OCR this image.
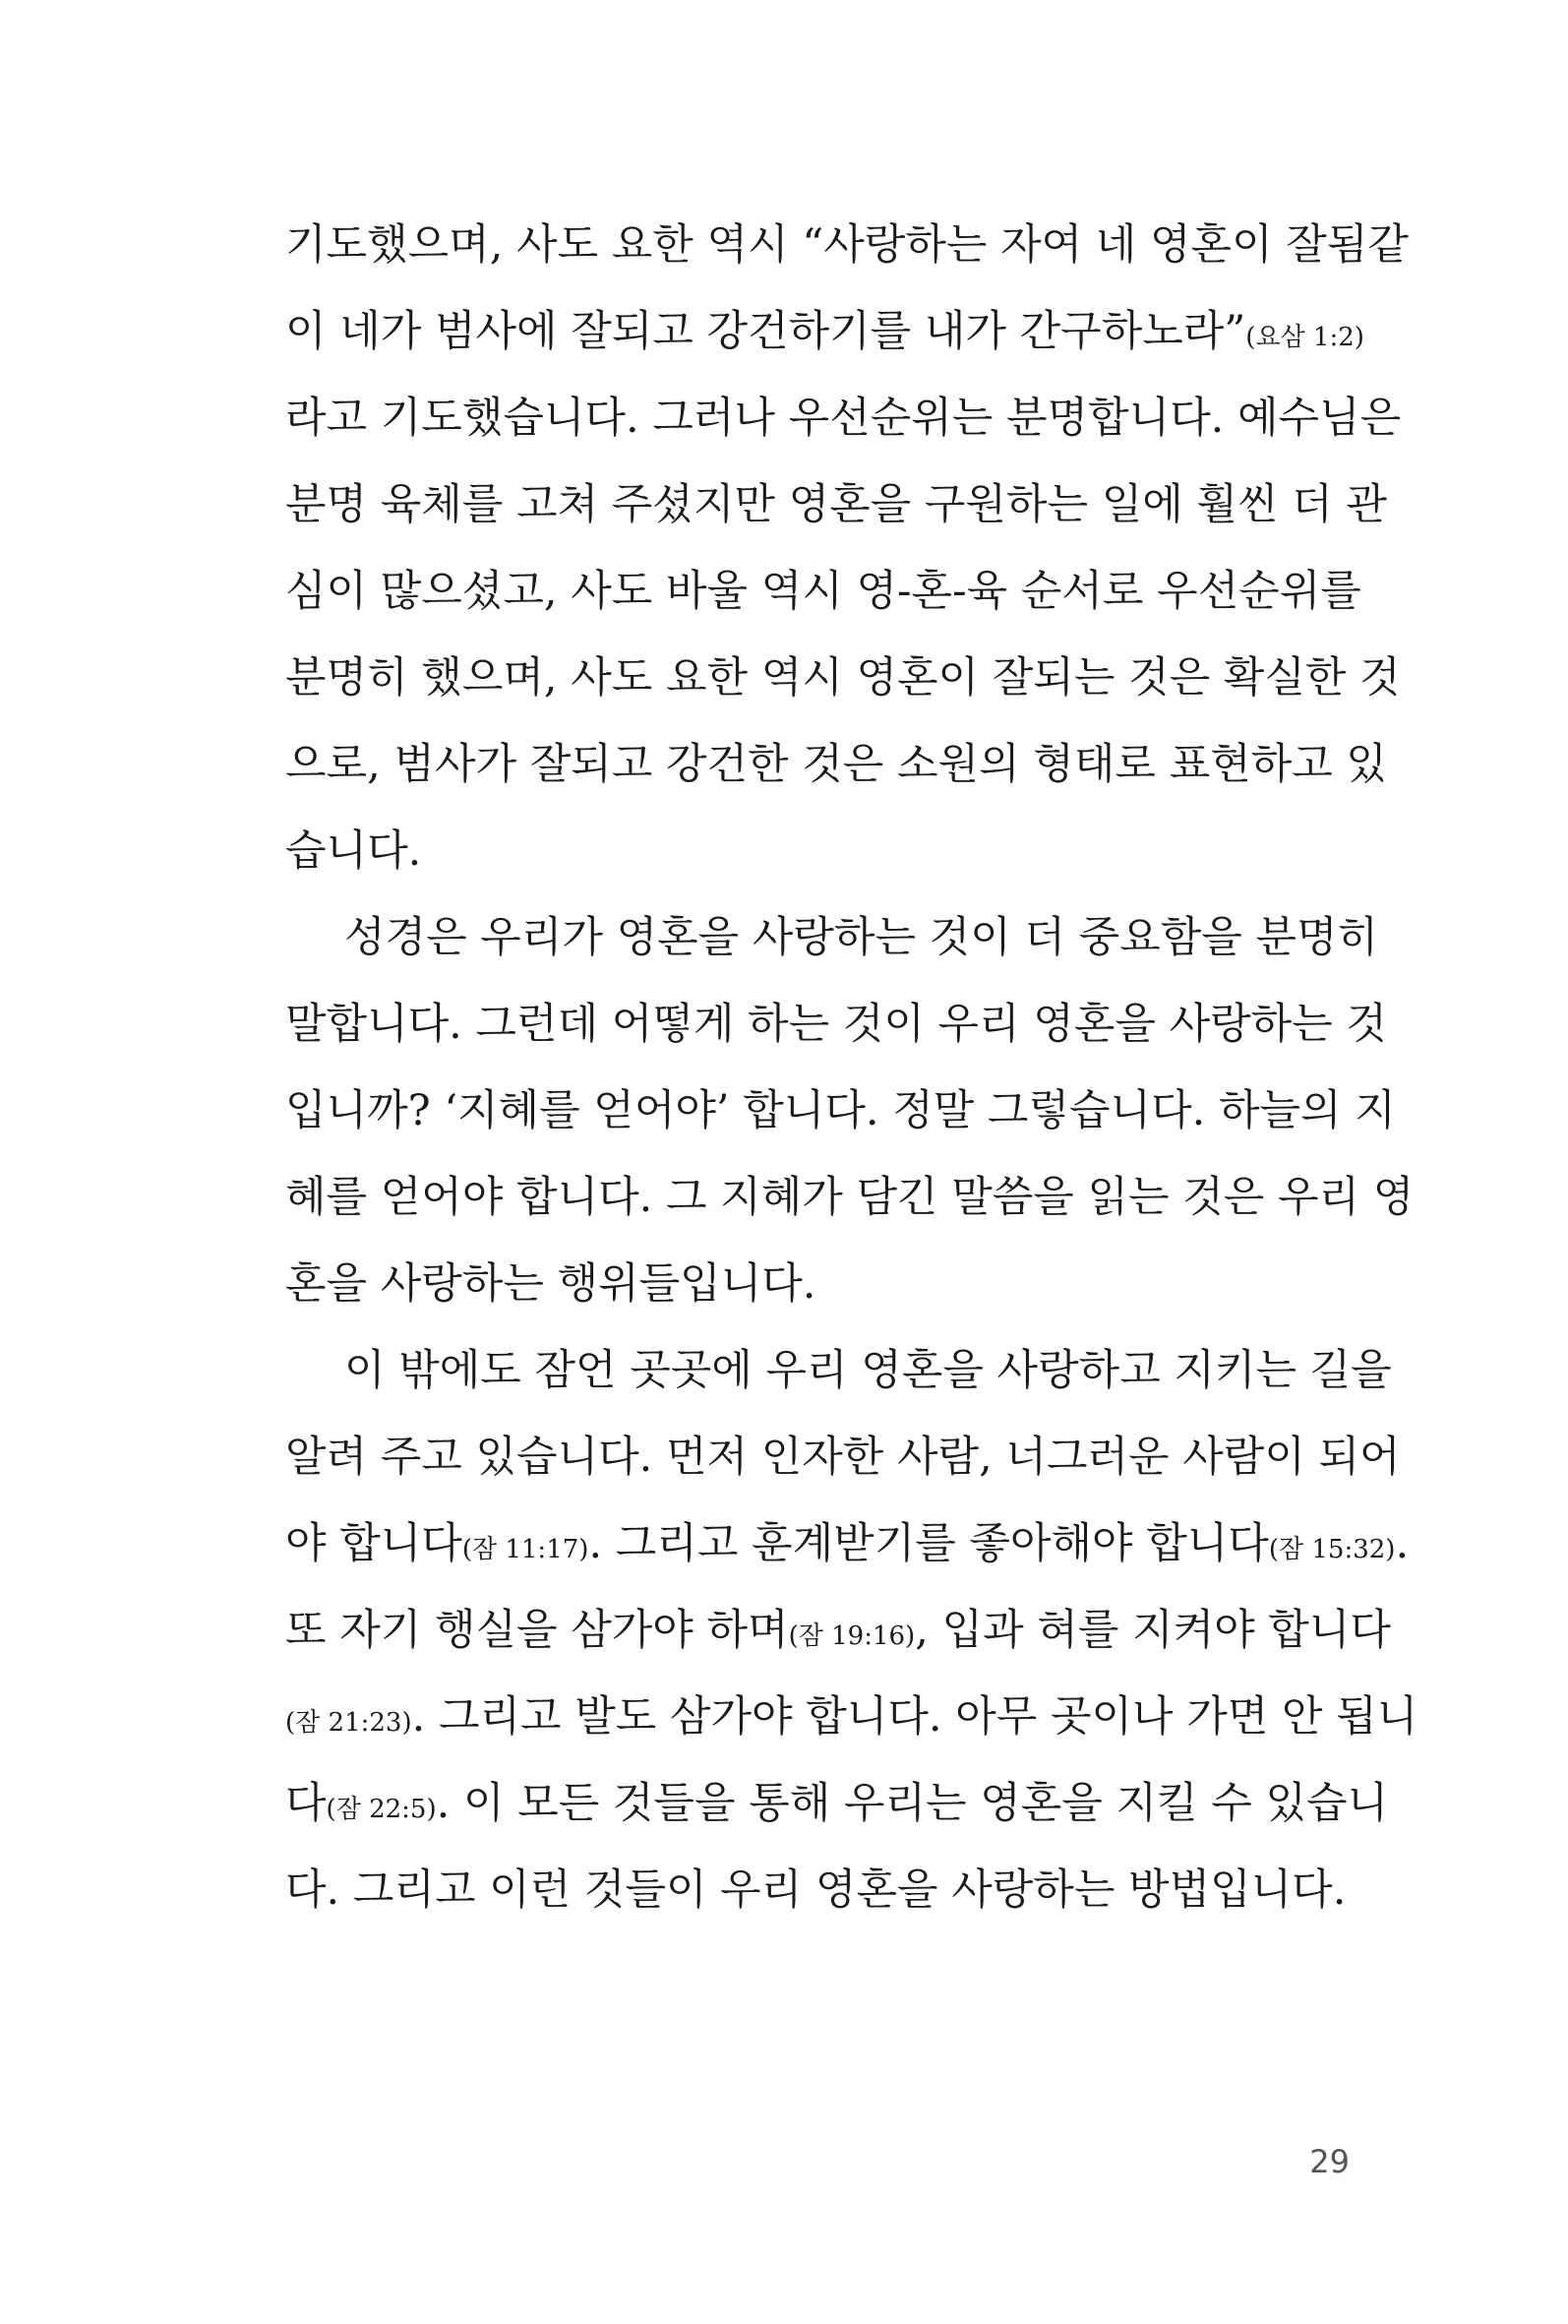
기도했으며, 사도 요한 역시 “사랑하는 자여 네 영혼이 잘됨같
이 네가 범사에 잘되고 강건하기를 내가 간구하노라”(요삼 1:2)
라고 기도했습니다. 그러나 우선순위는 분명합니다. 예수님은
분명 육체를 고쳐 주셨지만 영혼을 구원하는 일에 훨씬 더 관
심이 많으셨고, 사도 바울 역시 영-혼-육 순서로 우선순위를
분명히 했으며, 사도 요한 역시 영혼이 잘되는 것은 확실한 것
으로, 범사가 잘되고 강건한 것은 소원의 형태로 표현하고 있
습니다.
성경은 우리가 영혼을 사랑하는 것이 더 중요함을 분명히
말합니다. 그런데 어떻게 하는 것이 우리 영혼을 사랑하는 것
입니까? ‘지혜를 얻어야’ 합니다. 정말 그렇습니다. 하늘의 지
혜를 얻어야 합니다. 그 지혜가 담긴 말씀을 읽는 것은 우리 영
혼을 사랑하는 행위들입니다.
이 밖에도 잠언 곳곳에 우리 영혼을 사랑하고 지키는 길을
알려 주고 있습니다. 먼저 인자한 사람, 너그러운 사람이 되어
야 합니다(잠 11:17). 그리고 훈계받기를 좋아해야 합니다(잠 15:32).
또 자기 행실을 삼가야 하며(잠 19:16), 입과 혀를 지켜야 합니다
(잠 21:23). 그리고 발도 삼가야 합니다. 아무 곳이나 가면 안 됩니
다(잠 22:5). 이 모든 것들을 통해 우리는 영혼을 지킬 수 있습니
다. 그리고 이런 것들이 우리 영혼을 사랑하는 방법입니다.
29
